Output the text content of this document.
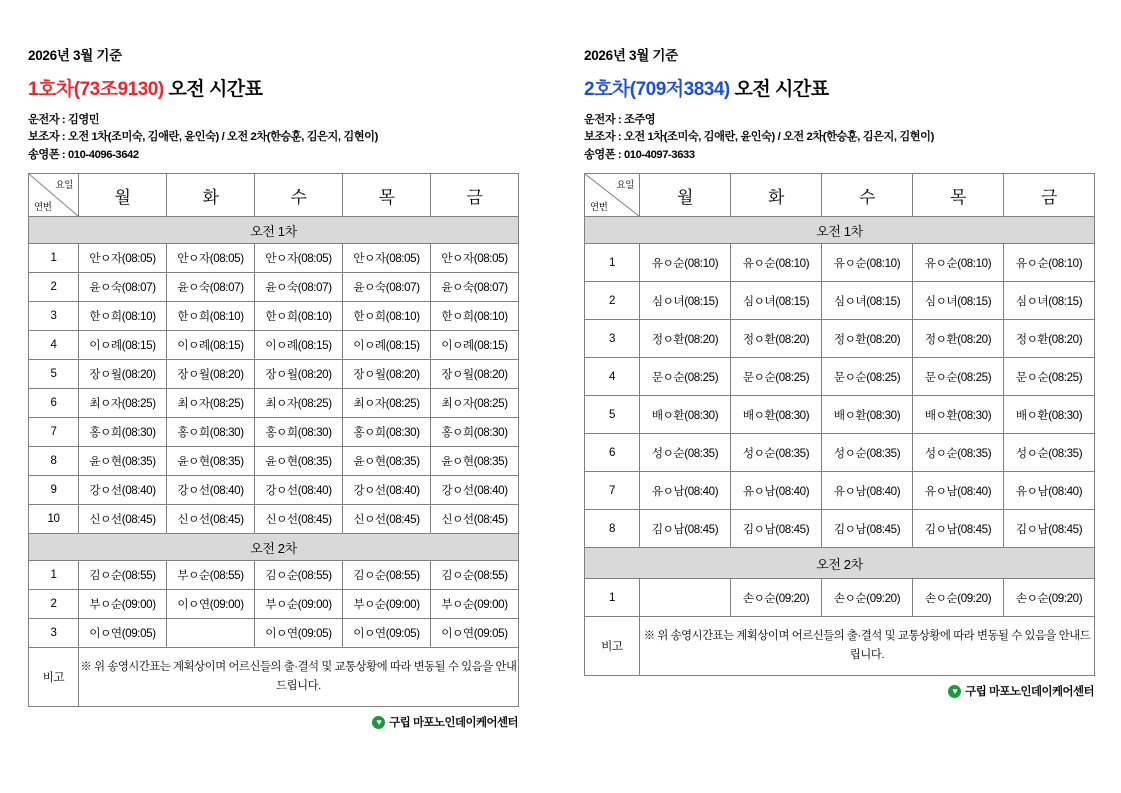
2026년 3월 기준
1호차(73조9130) 오전 시간표
운전자 : 김영민
보조자 : 오전 1차(조미숙, 김애란, 윤인숙) / 오전 2차(한승훈, 김은지, 김현이)
송영폰 : 010-4096-3642
요일
연번	월	화	수	목	금
오전 1차					
1	안ㅇ자(08:05)	안ㅇ자(08:05)	안ㅇ자(08:05)	안ㅇ자(08:05)	안ㅇ자(08:05)
2	윤ㅇ숙(08:07)	윤ㅇ숙(08:07)	윤ㅇ숙(08:07)	윤ㅇ숙(08:07)	윤ㅇ숙(08:07)
3	한ㅇ희(08:10)	한ㅇ희(08:10)	한ㅇ희(08:10)	한ㅇ희(08:10)	한ㅇ희(08:10)
4	이ㅇ례(08:15)	이ㅇ례(08:15)	이ㅇ례(08:15)	이ㅇ례(08:15)	이ㅇ례(08:15)
5	장ㅇ월(08:20)	장ㅇ월(08:20)	장ㅇ월(08:20)	장ㅇ월(08:20)	장ㅇ월(08:20)
6	최ㅇ자(08:25)	최ㅇ자(08:25)	최ㅇ자(08:25)	최ㅇ자(08:25)	최ㅇ자(08:25)
7	홍ㅇ희(08:30)	홍ㅇ희(08:30)	홍ㅇ희(08:30)	홍ㅇ희(08:30)	홍ㅇ희(08:30)
8	윤ㅇ현(08:35)	윤ㅇ현(08:35)	윤ㅇ현(08:35)	윤ㅇ현(08:35)	윤ㅇ현(08:35)
9	강ㅇ선(08:40)	강ㅇ선(08:40)	강ㅇ선(08:40)	강ㅇ선(08:40)	강ㅇ선(08:40)
10	신ㅇ선(08:45)	신ㅇ선(08:45)	신ㅇ선(08:45)	신ㅇ선(08:45)	신ㅇ선(08:45)
오전 2차					
1	김ㅇ순(08:55)	부ㅇ순(08:55)	김ㅇ순(08:55)	김ㅇ순(08:55)	김ㅇ순(08:55)
2	부ㅇ순(09:00)	이ㅇ연(09:00)	부ㅇ순(09:00)	부ㅇ순(09:00)	부ㅇ순(09:00)
3	이ㅇ연(09:05)		이ㅇ연(09:05)	이ㅇ연(09:05)	이ㅇ연(09:05)
비고	※ 위 송영시간표는 계획상이며 어르신들의 출·결석 및 교통상황에 따라 변동될 수 있음을 안내드립니다.				
♥ 구립 마포노인데이케어센터
2026년 3월 기준
2호차(709저3834) 오전 시간표
운전자 : 조주영
보조자 : 오전 1차(조미숙, 김애란, 윤인숙) / 오전 2차(한승훈, 김은지, 김현이)
송영폰 : 010-4097-3633
요일
연번	월	화	수	목	금
오전 1차					
1	유ㅇ순(08:10)	유ㅇ순(08:10)	유ㅇ순(08:10)	유ㅇ순(08:10)	유ㅇ순(08:10)
2	심ㅇ녀(08:15)	심ㅇ녀(08:15)	심ㅇ녀(08:15)	심ㅇ녀(08:15)	심ㅇ녀(08:15)
3	정ㅇ환(08:20)	정ㅇ환(08:20)	정ㅇ환(08:20)	정ㅇ환(08:20)	정ㅇ환(08:20)
4	문ㅇ순(08:25)	문ㅇ순(08:25)	문ㅇ순(08:25)	문ㅇ순(08:25)	문ㅇ순(08:25)
5	배ㅇ환(08:30)	배ㅇ환(08:30)	배ㅇ환(08:30)	배ㅇ환(08:30)	배ㅇ환(08:30)
6	성ㅇ순(08:35)	성ㅇ순(08:35)	성ㅇ순(08:35)	성ㅇ순(08:35)	성ㅇ순(08:35)
7	유ㅇ남(08:40)	유ㅇ남(08:40)	유ㅇ남(08:40)	유ㅇ남(08:40)	유ㅇ남(08:40)
8	김ㅇ남(08:45)	김ㅇ남(08:45)	김ㅇ남(08:45)	김ㅇ남(08:45)	김ㅇ남(08:45)
오전 2차					
1		손ㅇ순(09:20)	손ㅇ순(09:20)	손ㅇ순(09:20)	손ㅇ순(09:20)
비고	※ 위 송영시간표는 계획상이며 어르신들의 출·결석 및 교통상황에 따라 변동될 수 있음을 안내드립니다.				
♥ 구립 마포노인데이케어센터
